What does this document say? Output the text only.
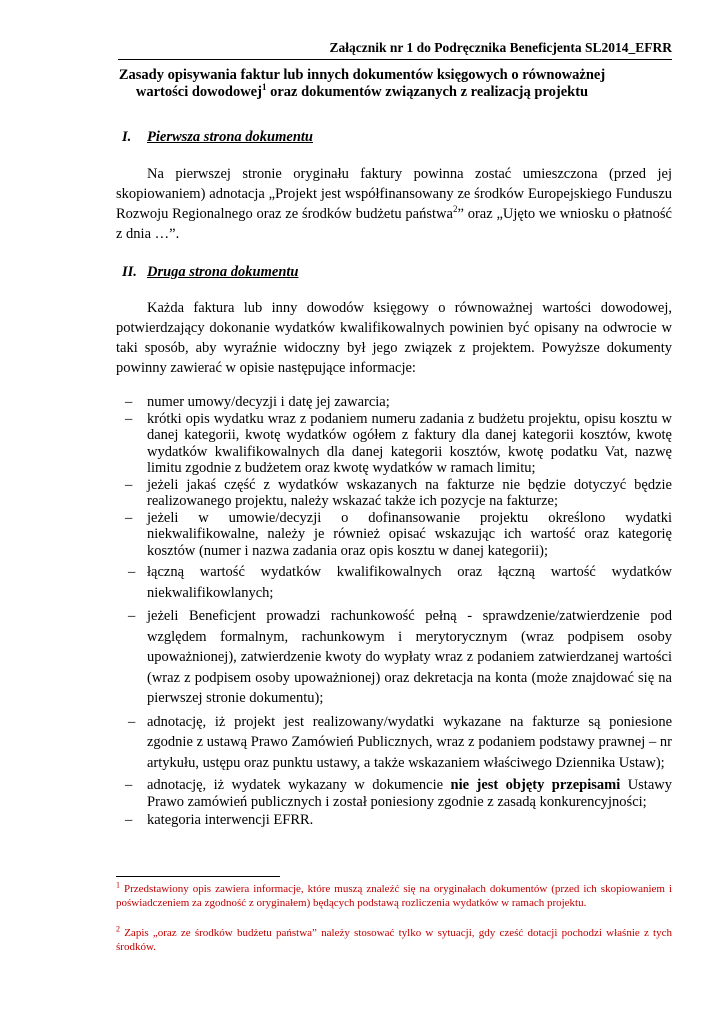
Załącznik nr 1 do Podręcznika Beneficjenta SL2014_EFRR
Zasady opisywania faktur lub innych dokumentów księgowych o równoważnej
wartości dowodowej$^1$ oraz dokumentów związanych z realizacją projektu
I. Pierwsza strona dokumentu

Na pierwszej stronie oryginału faktury powinna zostać umieszczona (przed jej skopiowaniem) adnotacja „Projekt jest współfinansowany ze środków Europejskiego Funduszu Rozwoju Regionalnego oraz ze środków budżetu państwa$^2$” oraz „Ujęto we wniosku o płatność z dnia …”.

II. Druga strona dokumentu

Każda faktura lub inny dowodów księgowy o równoważnej wartości dowodowej, potwierdzający dokonanie wydatków kwalifikowalnych powinien być opisany na odwrocie w taki sposób, aby wyraźnie widoczny był jego związek z projektem. Powyższe dokumenty powinny zawierać w opisie następujące informacje:

– numer umowy/decyzji i datę jej zawarcia;
– krótki opis wydatku wraz z podaniem numeru zadania z budżetu projektu, opisu kosztu w danej kategorii, kwotę wydatków ogółem z faktury dla danej kategorii kosztów, kwotę wydatków kwalifikowalnych dla danej kategorii kosztów, kwotę podatku Vat, nazwę limitu zgodnie z budżetem oraz kwotę wydatków w ramach limitu;
– jeżeli jakaś część z wydatków wskazanych na fakturze nie będzie dotyczyć będzie realizowanego projektu, należy wskazać także ich pozycje na fakturze;
– jeżeli w umowie/decyzji o dofinansowanie projektu określono wydatki niekwalifikowalne, należy je również opisać wskazując ich wartość oraz kategorię kosztów (numer i nazwa zadania oraz opis kosztu w danej kategorii);
– łączną wartość wydatków kwalifikowalnych oraz łączną wartość wydatków niekwalifikowlanych;
– jeżeli Beneficjent prowadzi rachunkowość pełną - sprawdzenie/zatwierdzenie pod względem formalnym, rachunkowym i merytorycznym (wraz podpisem osoby upoważnionej), zatwierdzenie kwoty do wypłaty wraz z podaniem zatwierdzanej wartości (wraz z podpisem osoby upoważnionej) oraz dekretacja na konta (może znajdować się na pierwszej stronie dokumentu);
– adnotację, iż projekt jest realizowany/wydatki wykazane na fakturze są poniesione zgodnie z ustawą Prawo Zamówień Publicznych, wraz z podaniem podstawy prawnej – nr artykułu, ustępu oraz punktu ustawy, a także wskazaniem właściwego Dziennika Ustaw);
– adnotację, iż wydatek wykazany w dokumencie nie jest objęty przepisami Ustawy Prawo zamówień publicznych i został poniesiony zgodnie z zasadą konkurencyjności;
– kategoria interwencji EFRR.

$^1$ Przedstawiony opis zawiera informacje, które muszą znaleźć się na oryginałach dokumentów (przed ich skopiowaniem i poświadczeniem za zgodność z oryginałem) będących podstawą rozliczenia wydatków w ramach projektu.

$^2$ Zapis „oraz ze środków budżetu państwa” należy stosować tylko w sytuacji, gdy cześć dotacji pochodzi właśnie z tych środków.
